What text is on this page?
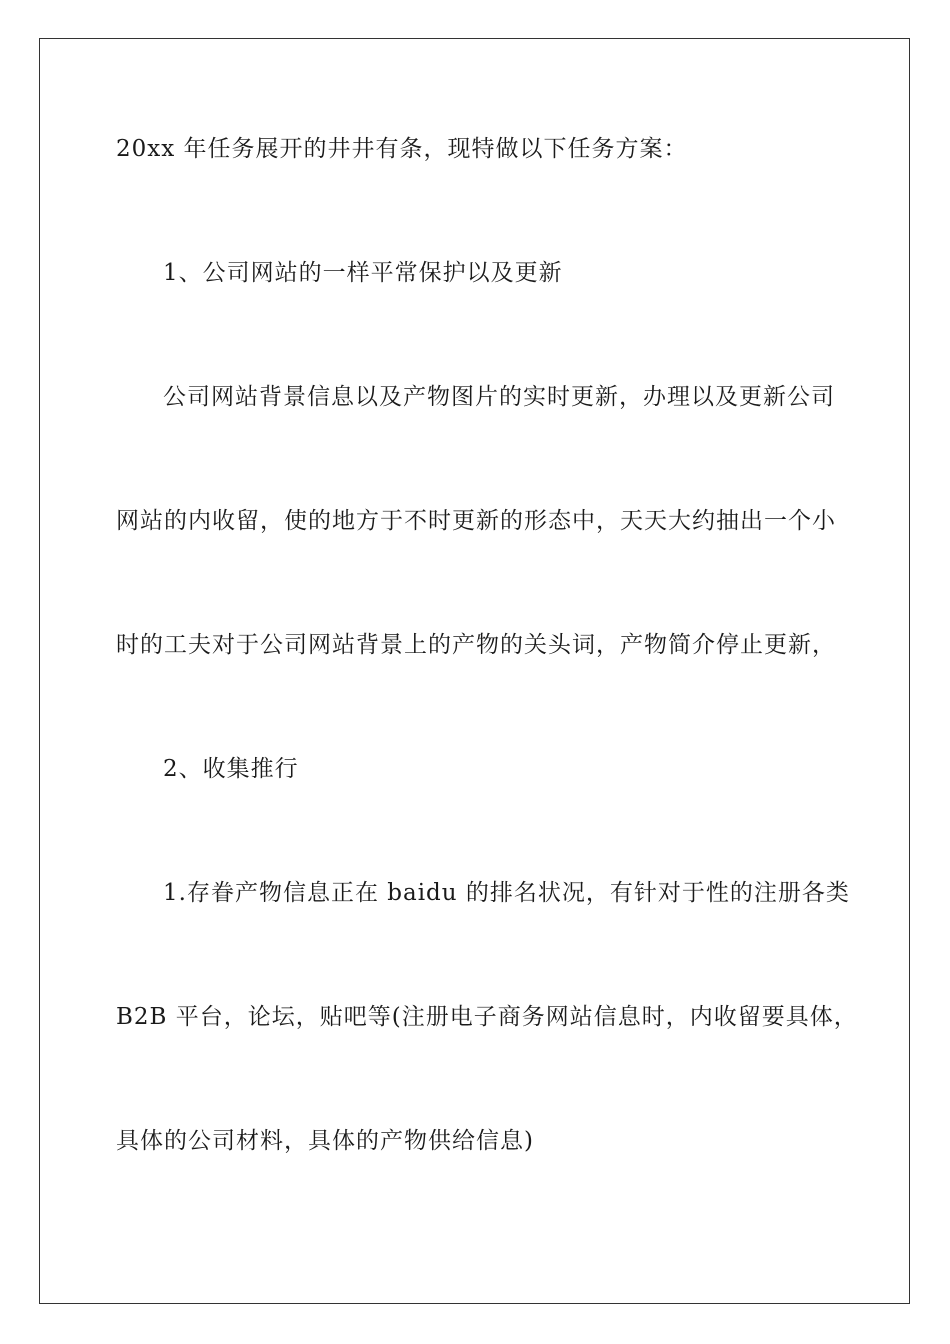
20xx 年任务展开的井井有条，现特做以下任务方案：
1、公司网站的一样平常保护以及更新
公司网站背景信息以及产物图片的实时更新，办理以及更新公司
网站的内收留，使的地方于不时更新的形态中，天天大约抽出一个小
时的工夫对于公司网站背景上的产物的关头词，产物简介停止更新，
2、收集推行
1.存眷产物信息正在 baidu 的排名状况，有针对于性的注册各类
B2B 平台，论坛，贴吧等(注册电子商务网站信息时，内收留要具体，
具体的公司材料，具体的产物供给信息)
